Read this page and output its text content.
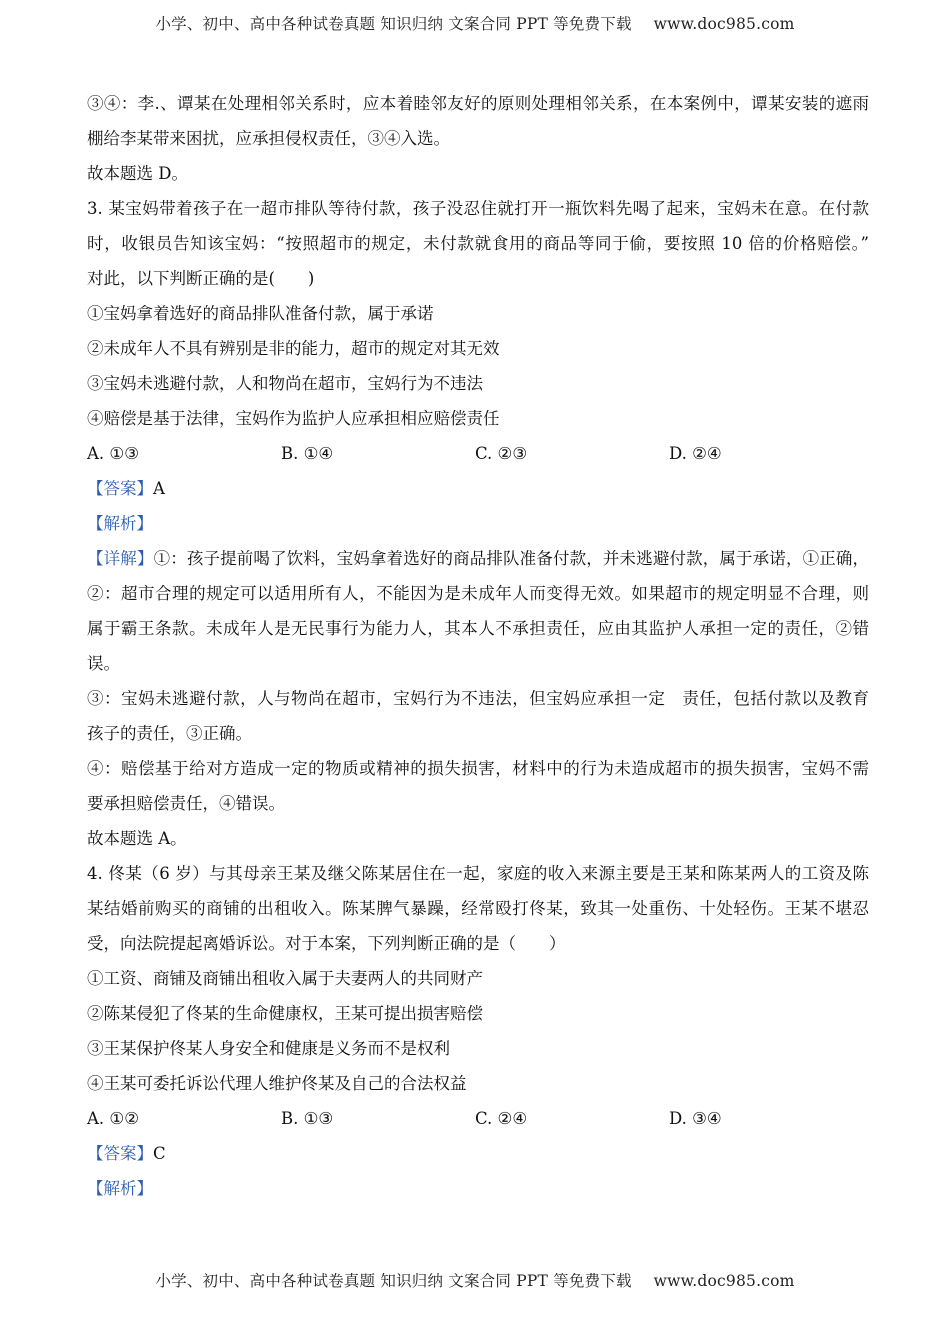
小学、初中、高中各种试卷真题 知识归纳 文案合同 PPT 等免费下载 www.doc985.com
③④：李.、谭某在处理相邻关系时，应本着睦邻友好的原则处理相邻关系，在本案例中，谭某安装的遮雨
棚给李某带来困扰，应承担侵权责任，③④入选。
故本题选 D。
3. 某宝妈带着孩子在一超市排队等待付款，孩子没忍住就打开一瓶饮料先喝了起来，宝妈未在意。在付款
时，收银员告知该宝妈：“按照超市的规定，未付款就食用的商品等同于偷，要按照 10 倍的价格赔偿。”
对此，以下判断正确的是(　　)
①宝妈拿着选好的商品排队准备付款，属于承诺
②未成年人不具有辨别是非的能力，超市的规定对其无效
③宝妈未逃避付款，人和物尚在超市，宝妈行为不违法
④赔偿是基于法律，宝妈作为监护人应承担相应赔偿责任
A. ①③	B. ①④	C. ②③	D. ②④
【答案】A
【解析】
【详解】①：孩子提前喝了饮料，宝妈拿着选好的商品排队准备付款，并未逃避付款，属于承诺，①正确，
②：超市合理的规定可以适用所有人，不能因为是未成年人而变得无效。如果超市的规定明显不合理，则
属于霸王条款。未成年人是无民事行为能力人，其本人不承担责任，应由其监护人承担一定的责任，②错
误。
③：宝妈未逃避付款，人与物尚在超市，宝妈行为不违法，但宝妈应承担一定　责任，包括付款以及教育
孩子的责任，③正确。
④：赔偿基于给对方造成一定的物质或精神的损失损害，材料中的行为未造成超市的损失损害，宝妈不需
要承担赔偿责任，④错误。
故本题选 A。
4. 佟某（6 岁）与其母亲王某及继父陈某居住在一起，家庭的收入来源主要是王某和陈某两人的工资及陈
某结婚前购买的商铺的出租收入。陈某脾气暴躁，经常殴打佟某，致其一处重伤、十处轻伤。王某不堪忍
受，向法院提起离婚诉讼。对于本案，下列判断正确的是（　　）
①工资、商铺及商铺出租收入属于夫妻两人的共同财产
②陈某侵犯了佟某的生命健康权，王某可提出损害赔偿
③王某保护佟某人身安全和健康是义务而不是权利
④王某可委托诉讼代理人维护佟某及自己的合法权益
A. ①②	B. ①③	C. ②④	D. ③④
【答案】C
【解析】
小学、初中、高中各种试卷真题 知识归纳 文案合同 PPT 等免费下载 www.doc985.com
